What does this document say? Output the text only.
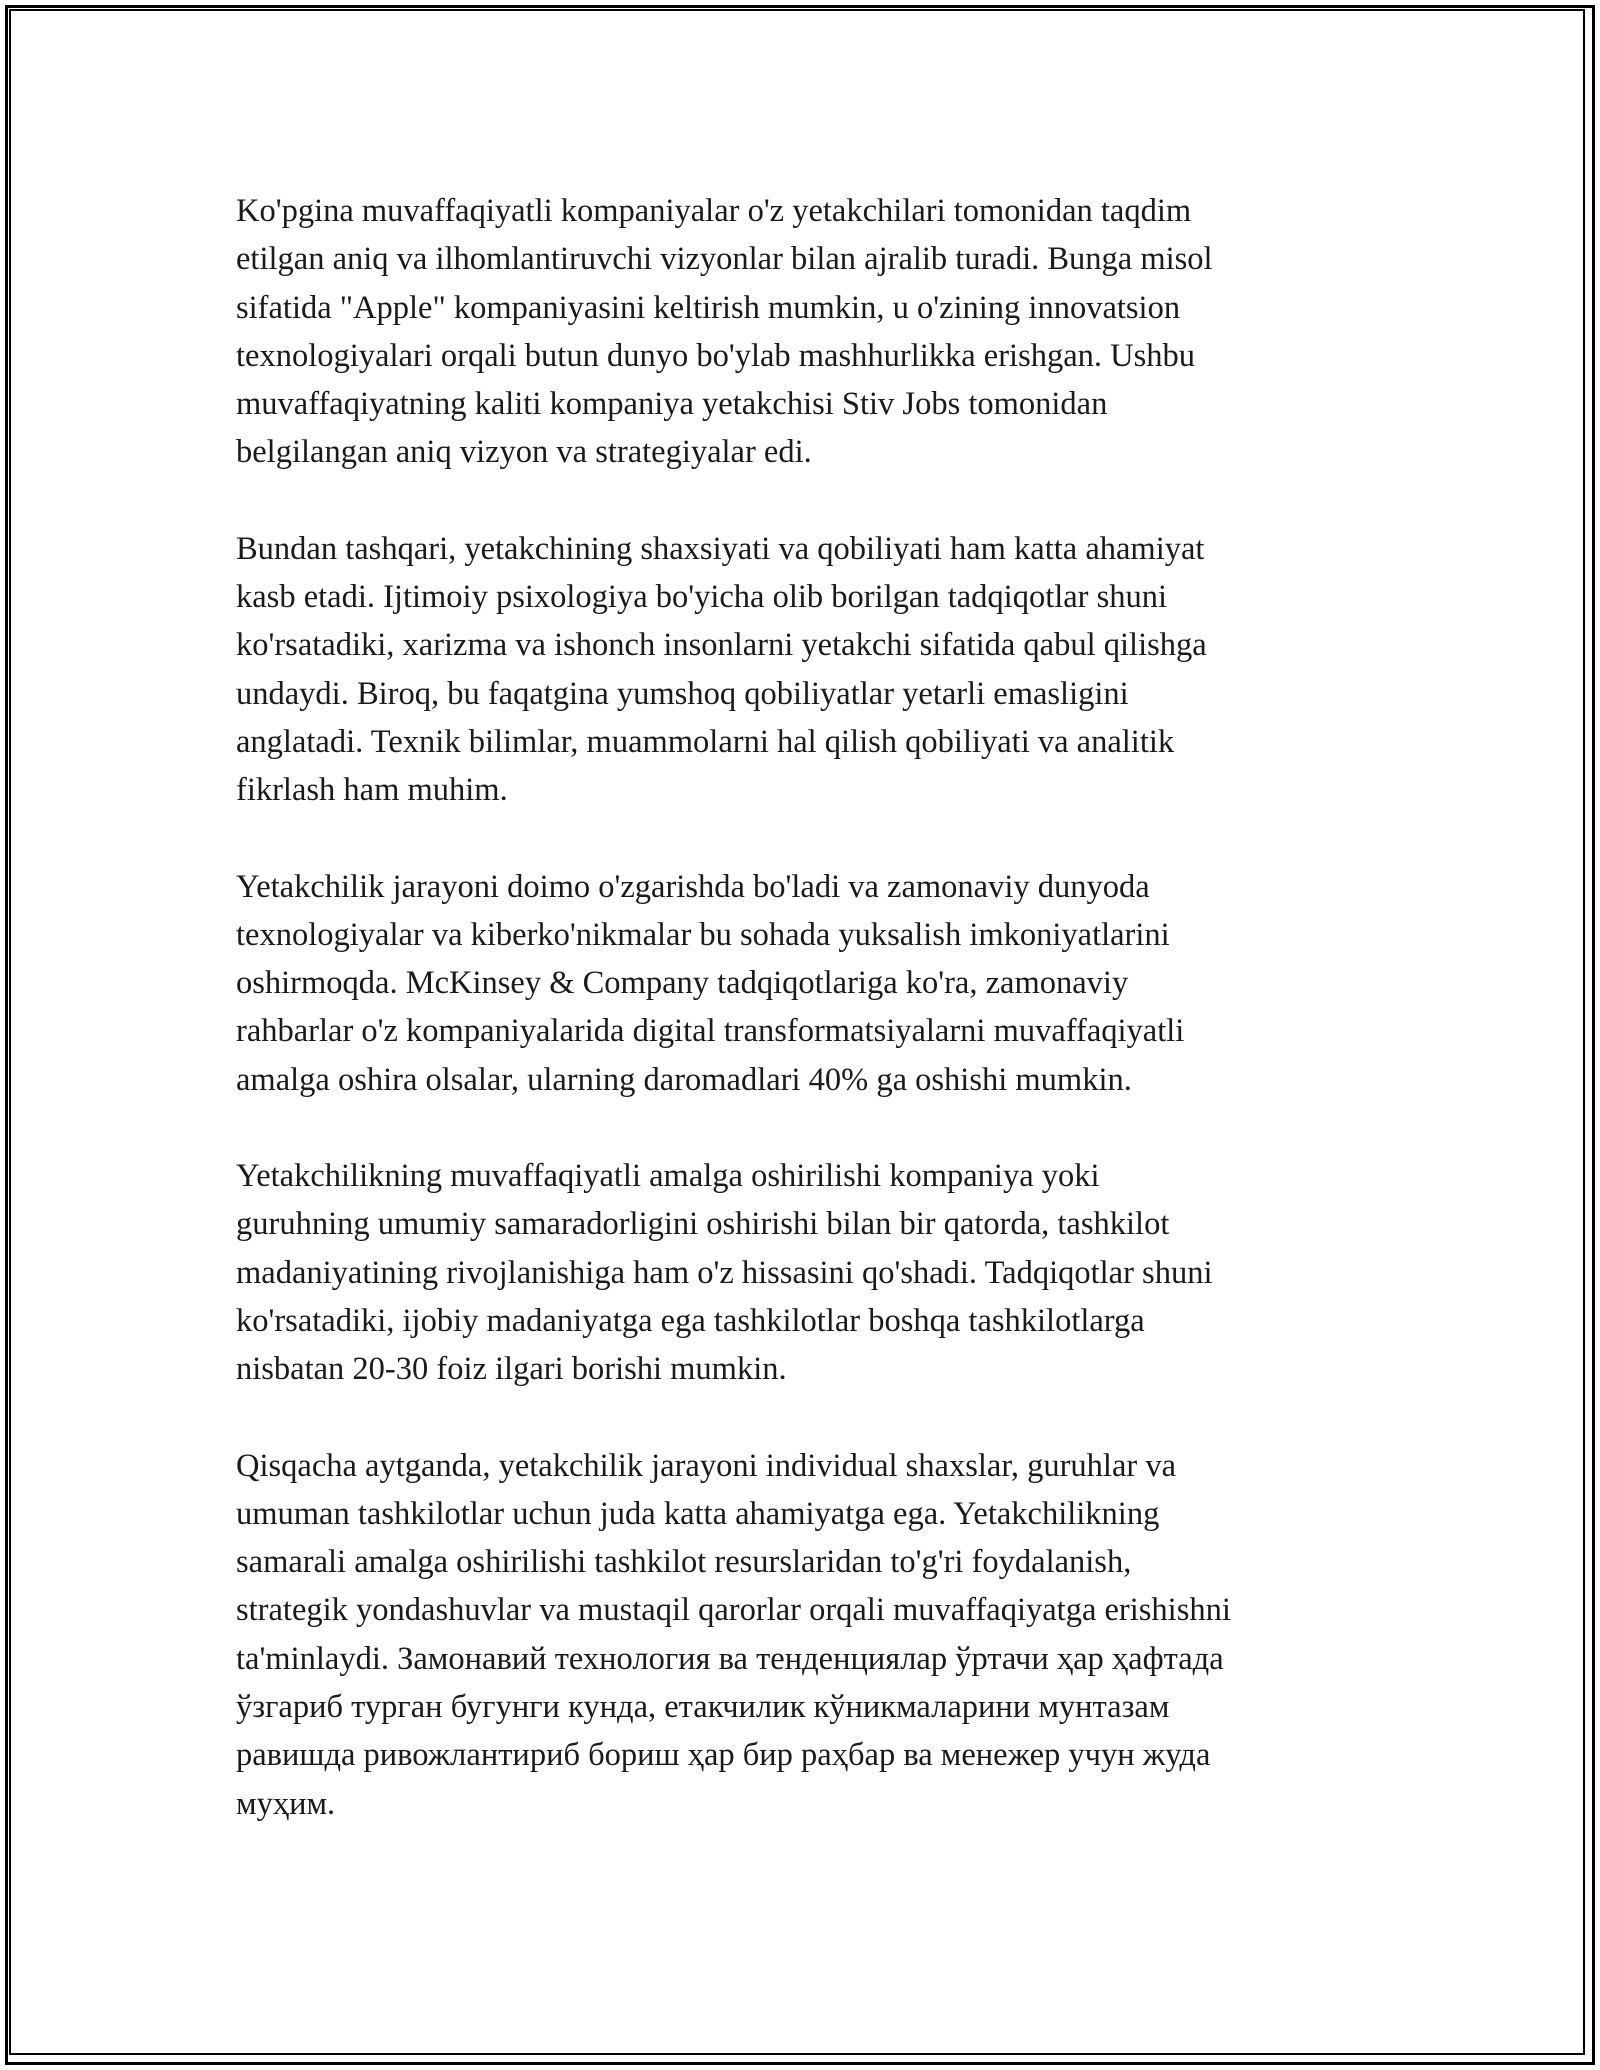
Ko'pgina muvaffaqiyatli kompaniyalar o'z yetakchilari tomonidan taqdim
etilgan aniq va ilhomlantiruvchi vizyonlar bilan ajralib turadi. Bunga misol
sifatida "Apple" kompaniyasini keltirish mumkin, u o'zining innovatsion
texnologiyalari orqali butun dunyo bo'ylab mashhurlikka erishgan. Ushbu
muvaffaqiyatning kaliti kompaniya yetakchisi Stiv Jobs tomonidan
belgilangan aniq vizyon va strategiyalar edi.

Bundan tashqari, yetakchining shaxsiyati va qobiliyati ham katta ahamiyat
kasb etadi. Ijtimoiy psixologiya bo'yicha olib borilgan tadqiqotlar shuni
ko'rsatadiki, xarizma va ishonch insonlarni yetakchi sifatida qabul qilishga
undaydi. Biroq, bu faqatgina yumshoq qobiliyatlar yetarli emasligini
anglatadi. Texnik bilimlar, muammolarni hal qilish qobiliyati va analitik
fikrlash ham muhim.

Yetakchilik jarayoni doimo o'zgarishda bo'ladi va zamonaviy dunyoda
texnologiyalar va kiberko'nikmalar bu sohada yuksalish imkoniyatlarini
oshirmoqda. McKinsey & Company tadqiqotlariga ko'ra, zamonaviy
rahbarlar o'z kompaniyalarida digital transformatsiyalarni muvaffaqiyatli
amalga oshira olsalar, ularning daromadlari 40% ga oshishi mumkin.

Yetakchilikning muvaffaqiyatli amalga oshirilishi kompaniya yoki
guruhning umumiy samaradorligini oshirishi bilan bir qatorda, tashkilot
madaniyatining rivojlanishiga ham o'z hissasini qo'shadi. Tadqiqotlar shuni
ko'rsatadiki, ijobiy madaniyatga ega tashkilotlar boshqa tashkilotlarga
nisbatan 20-30 foiz ilgari borishi mumkin.

Qisqacha aytganda, yetakchilik jarayoni individual shaxslar, guruhlar va
umuman tashkilotlar uchun juda katta ahamiyatga ega. Yetakchilikning
samarali amalga oshirilishi tashkilot resurslaridan to'g'ri foydalanish,
strategik yondashuvlar va mustaqil qarorlar orqali muvaffaqiyatga erishishni
ta'minlaydi. Замонавий технология ва тенденциялар ўртачи ҳар ҳафтада
ўзгариб турган бугунги кунда, етакчилик кўникмаларини мунтазам
равишда ривожлантириб бориш ҳар бир раҳбар ва менежер учун жуда
муҳим.
